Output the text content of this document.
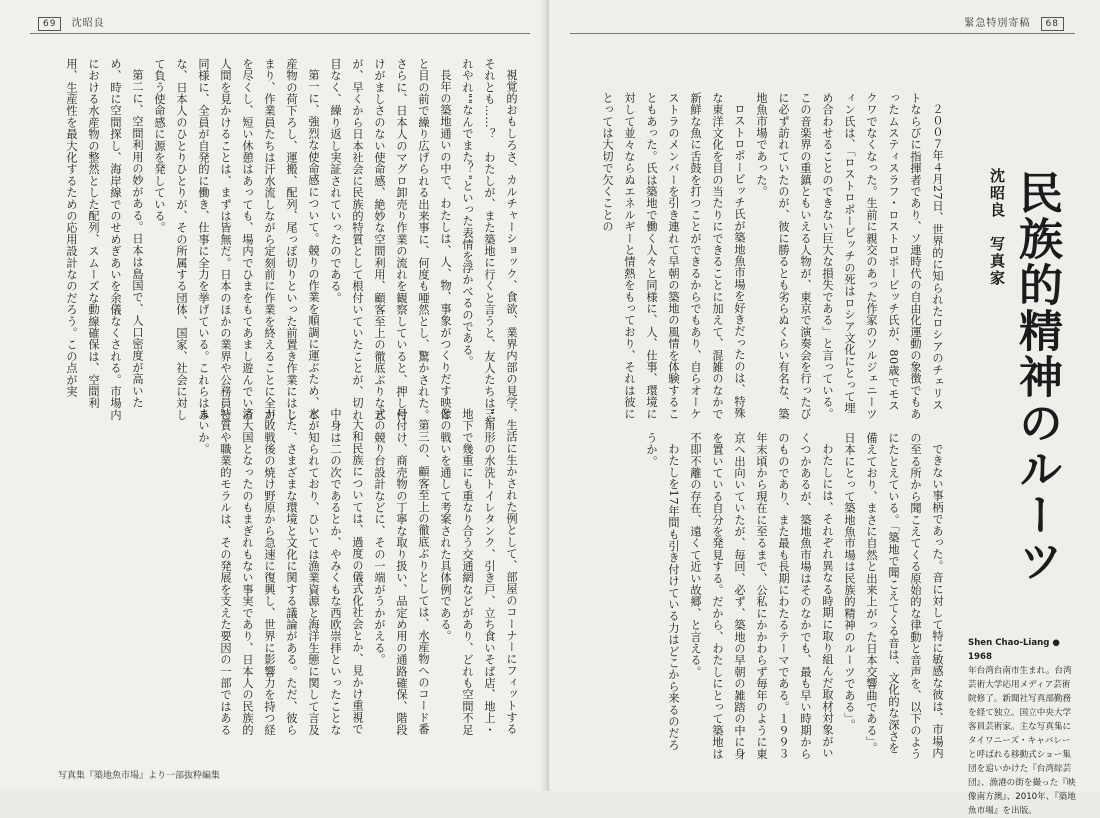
69 沈昭良

視覚的おもしろさ、カルチャーショック、食欲、業界内部の見学、それとも……？　わたしが、また築地に行くと言うと、友人たちは"やれやれ""なんでまた？"といった表情を浮かべるのである。

長年の築地通いの中で、わたしは、人、物、事象がつくりだす映像と目の前で繰り広げられる出来事に、何度も唖然とし、驚かされた。さらに、日本人のマグロ卸売り作業の流れを観察していると、押し付けがましさのない使命感、絶妙な空間利用、顧客至上の徹底ぶりなどが、早くから日本社会に民族的特質として根付いていたことが、切れ目なく、繰り返し実証されていったのである。

第一に、強烈な使命感について。競りの作業を順調に運ぶため、水産物の荷下ろし、運搬、配列、尾っぽ切りといった前置き作業にはじまり、作業員たちは汗水流しながら定刻前に作業を終えることに全力を尽くし、短い休憩はあっても、場内でひまをもてあまし遊んでいる人間を見かけることは、まずは皆無だ。日本のほかの業界や公務員と同様に、全員が自発的に働き、仕事に全力を挙げている。これらはみな、日本人のひとりひとりが、その所属する団体、国家、社会に対して負う使命感に源を発している。

第二に、空間利用の妙がある。日本は島国で、人口密度が高いため、時に空間探し、海岸線でのせめぎあいを余儀なくされる。市場内における水産物の整然とした配列、スムーズな動線確保は、空間利用、生産性を最大化するための応用設計なのだろう。この点が実

生活に生かされた例として、部屋のコーナーにフィットする三角形の水洗トイレタンク、引き戸、立ち食いそば店、地上・地下で幾重にも重なり合う交通網などがあり、どれも空間不足との戦いを通して考案された具体例である。

第三の、顧客至上の徹底ぶりとしては、水産物へのコード番号付け、商売物の丁寧な取り扱い、品定め用の通路確保、階段式の競り台設計などに、その一端がうかがえる。

大和民族については、過度の儀式化社会とか、見かけ重視で中身は二の次であるとか、やみくもな西欧崇拝といったことなどが知られており、ひいては漁業資源と海洋生態に関して言及した、さまざまな環境と文化に関する議論がある。ただ、彼らが敗戦後の焼け野原から急速に復興し、世界に影響力を持つ経済大国となったのもまぎれもない事実であり、日本人の民族的特質や職業的モラルは、その発展を支えた要因の一部ではあるまいか。

写真集『築地魚市場』より一部抜粋編集
緊急特別寄稿 68
民族的精神のルーツ
沈昭良　写真家

２００７年４月27日、世界的に知られたロシアのチェリストならびに指揮者であり、ソ連時代の自由化運動の象徴でもあったムスティスラフ・ロストロポービッチ氏が、80歳でモスクワでなくなった。生前に親交のあった作家のソルジェニーツィン氏は、「ロストロポービッチの死はロシア文化にとって埋め合わせることのできない巨大な損失である」と言っている。この音楽界の重鎮ともいえる人物が、東京で演奏会を行ったびに必ず訪れていたのが、彼に勝るとも劣らぬくらい有名な、築地魚市場であった。

ロストロポービッチ氏が築地魚市場を好きだったのは、特殊な東洋文化を目の当たりにできることに加えて、混雑のなかで新鮮な魚に舌鼓を打つことができるからでもあり、自らオーケストラのメンバーを引き連れて早朝の築地の風情を体験することもあった。氏は築地で働く人々と同様に、人、仕事、環境に対して並々ならぬエネルギーと情熱をもっており、それは彼にとっては大切で欠くことの

できない事柄であった。音に対して特に敏感な彼は、市場内の至る所から聞こえてくる原始的な律動と音声を、以下のようにたとえている。「築地で聞こえてくる音は、文化的な深さを備えており、まさに自然と出来上がった日本交響曲である」。日本にとって築地魚市場は民族的精神のルーツである」。

わたしには、それぞれ異なる時期に取り組んだ取材対象がいくつかあるが、築地魚市場はそのなかでも、最も早い時期からのものであり、また最も長期にわたるテーマである。１９９３年末頃から現在に至るまで、公私にかかわらず毎年のように東京へ出向いていたが、毎回、必ず、築地の早朝の雑踏の中に身を置いている自分を発見する。だから、わたしにとって築地は不即不離の存在、遠くて近い故郷、と言える。

わたしを17年間も引き付けている力はどこから来るのだろうか。

Shen Chao-Liang ● 1968
年台湾台南市生まれ。台湾芸術大学応用メディア芸術院修了。新聞社写真部勤務を経て独立。国立中央大学客員芸術家。主な写真集にタイワニーズ・キャバレーと呼ばれる移動式ショー集団を追いかけた『台湾綜芸団』、漁港の街を撮った『映像南方澳』、2010年、『築地魚市場』を出版。
